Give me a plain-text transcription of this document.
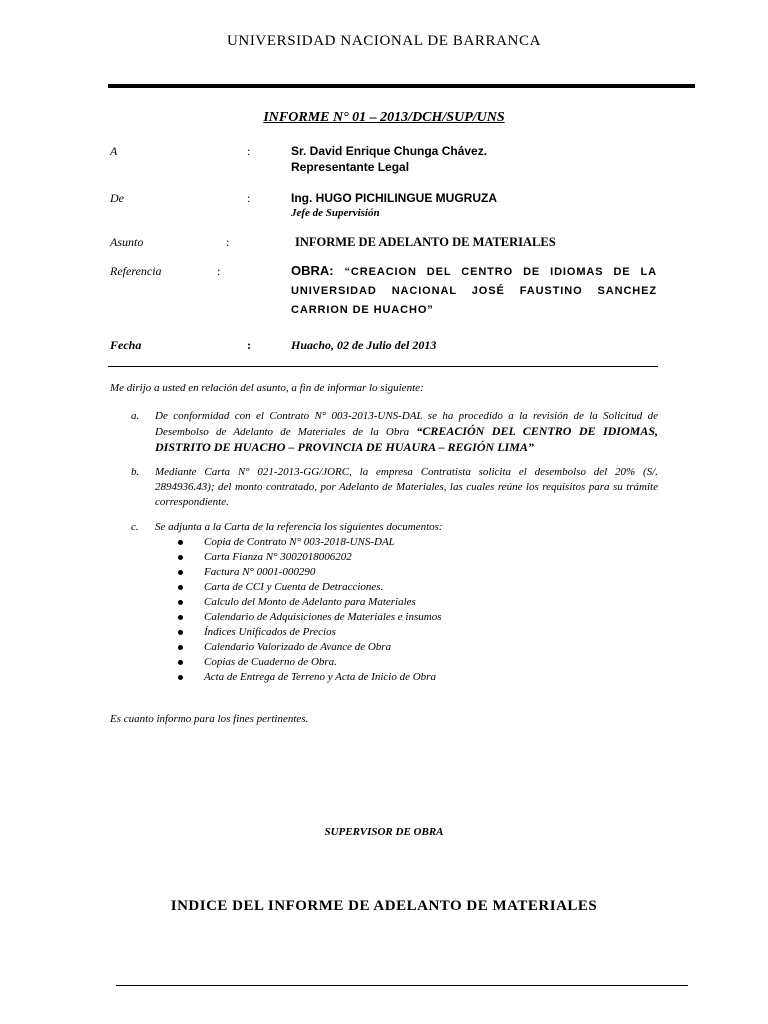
UNIVERSIDAD NACIONAL DE BARRANCA
INFORME N° 01 – 2013/DCH/SUP/UNS
A	:	Sr. David Enrique Chunga Chávez.
Representante Legal
De	:	Ing. HUGO PICHILINGUE MUGRUZA
Jefe de Supervisión
Asunto	:	INFORME DE ADELANTO DE MATERIALES
Referencia	:	OBRA: “CREACION DEL CENTRO DE IDIOMAS DE LA UNIVERSIDAD NACIONAL JOSÉ FAUSTINO SANCHEZ CARRION DE HUACHO”
Fecha	:	Huacho, 02 de Julio del 2013
Me dirijo a usted en relación del asunto, a fin de informar lo siguiente:
a. De conformidad con el Contrato N° 003-2013-UNS-DAL se ha procedido a la revisión de la Solicitud de Desembolso de Adelanto de Materiales de la Obra “CREACIÓN DEL CENTRO DE IDIOMAS, DISTRITO DE HUACHO – PROVINCIA DE HUAURA – REGIÓN LIMA”
b. Mediante Carta N° 021-2013-GG/JORC, la empresa Contratista solicita el desembolso del 20% (S/. 2894936.43); del monto contratado, por Adelanto de Materiales, las cuales reúne los requisitos para su trámite correspondiente.
c. Se adjunta a la Carta de la referencia los siguientes documentos:
Copia de Contrato N° 003-2018-UNS-DAL
Carta Fianza N° 3002018006202
Factura N° 0001-000290
Carta de CCI y Cuenta de Detracciones.
Calculo del Monto de Adelanto para Materiales
Calendario de Adquisiciones de Materiales e insumos
Índices Unificados de Precios
Calendario Valorizado de Avance de Obra
Copias de Cuaderno de Obra.
Acta de Entrega de Terreno y Acta de Inicio de Obra
Es cuanto informo para los fines pertinentes.
SUPERVISOR DE OBRA
INDICE DEL INFORME DE ADELANTO DE MATERIALES
